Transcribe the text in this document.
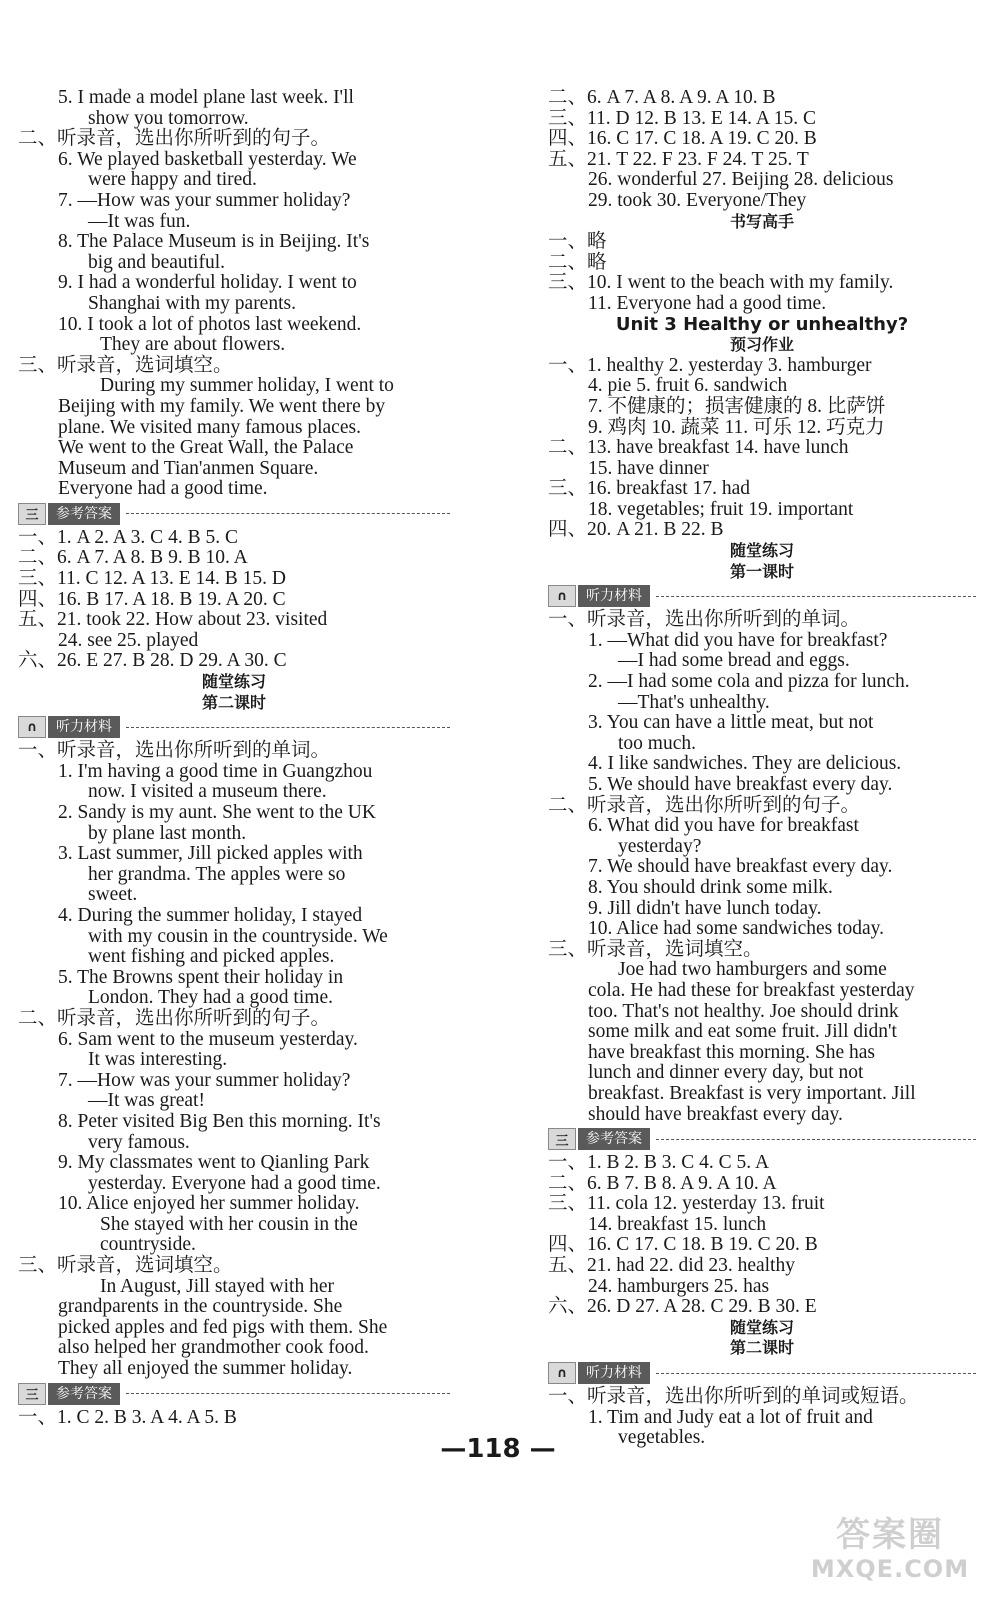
5. I made a model plane last week. I'll
show you tomorrow.
二、听录音，选出你所听到的句子。
6. We played basketball yesterday. We
were happy and tired.
7. —How was your summer holiday?
—It was fun.
8. The Palace Museum is in Beijing. It's
big and beautiful.
9. I had a wonderful holiday. I went to
Shanghai with my parents.
10. I took a lot of photos last weekend.
They are about flowers.
三、听录音，选词填空。
During my summer holiday, I went to
Beijing with my family. We went there by
plane. We visited many famous places.
We went to the Great Wall, the Palace
Museum and Tian'anmen Square.
Everyone had a good time.
三	参考答案
一、1. A 2. A 3. C 4. B 5. C
二、6. A 7. A 8. B 9. B 10. A
三、11. C 12. A 13. E 14. B 15. D
四、16. B 17. A 18. B 19. A 20. C
五、21. took 22. How about 23. visited
24. see 25. played
六、26. E 27. B 28. D 29. A 30. C
随堂练习
第二课时
∩	听力材料
一、听录音，选出你所听到的单词。
1. I'm having a good time in Guangzhou
now. I visited a museum there.
2. Sandy is my aunt. She went to the UK
by plane last month.
3. Last summer, Jill picked apples with
her grandma. The apples were so
sweet.
4. During the summer holiday, I stayed
with my cousin in the countryside. We
went fishing and picked apples.
5. The Browns spent their holiday in
London. They had a good time.
二、听录音，选出你所听到的句子。
6. Sam went to the museum yesterday.
It was interesting.
7. —How was your summer holiday?
—It was great!
8. Peter visited Big Ben this morning. It's
very famous.
9. My classmates went to Qianling Park
yesterday. Everyone had a good time.
10. Alice enjoyed her summer holiday.
She stayed with her cousin in the
countryside.
三、听录音，选词填空。
In August, Jill stayed with her
grandparents in the countryside. She
picked apples and fed pigs with them. She
also helped her grandmother cook food.
They all enjoyed the summer holiday.
三	参考答案
一、1. C 2. B 3. A 4. A 5. B
二、6. A 7. A 8. A 9. A 10. B
三、11. D 12. B 13. E 14. A 15. C
四、16. C 17. C 18. A 19. C 20. B
五、21. T 22. F 23. F 24. T 25. T
26. wonderful 27. Beijing 28. delicious
29. took 30. Everyone/They
书写高手
一、略
二、略
三、10. I went to the beach with my family.
11. Everyone had a good time.
Unit 3 Healthy or unhealthy?
预习作业
一、1. healthy 2. yesterday 3. hamburger
4. pie 5. fruit 6. sandwich
7. 不健康的；损害健康的 8. 比萨饼
9. 鸡肉 10. 蔬菜 11. 可乐 12. 巧克力
二、13. have breakfast 14. have lunch
15. have dinner
三、16. breakfast 17. had
18. vegetables; fruit 19. important
四、20. A 21. B 22. B
随堂练习
第一课时
∩	听力材料
一、听录音，选出你所听到的单词。
1. —What did you have for breakfast?
—I had some bread and eggs.
2. —I had some cola and pizza for lunch.
—That's unhealthy.
3. You can have a little meat, but not
too much.
4. I like sandwiches. They are delicious.
5. We should have breakfast every day.
二、听录音，选出你所听到的句子。
6. What did you have for breakfast
yesterday?
7. We should have breakfast every day.
8. You should drink some milk.
9. Jill didn't have lunch today.
10. Alice had some sandwiches today.
三、听录音，选词填空。
Joe had two hamburgers and some
cola. He had these for breakfast yesterday
too. That's not healthy. Joe should drink
some milk and eat some fruit. Jill didn't
have breakfast this morning. She has
lunch and dinner every day, but not
breakfast. Breakfast is very important. Jill
should have breakfast every day.
三	参考答案
一、1. B 2. B 3. C 4. C 5. A
二、6. B 7. B 8. A 9. A 10. A
三、11. cola 12. yesterday 13. fruit
14. breakfast 15. lunch
四、16. C 17. C 18. B 19. C 20. B
五、21. had 22. did 23. healthy
24. hamburgers 25. has
六、26. D 27. A 28. C 29. B 30. E
随堂练习
第二课时
∩	听力材料
一、听录音，选出你所听到的单词或短语。
1. Tim and Judy eat a lot of fruit and
vegetables.
—118 —
答案圈
MXQE.COM
